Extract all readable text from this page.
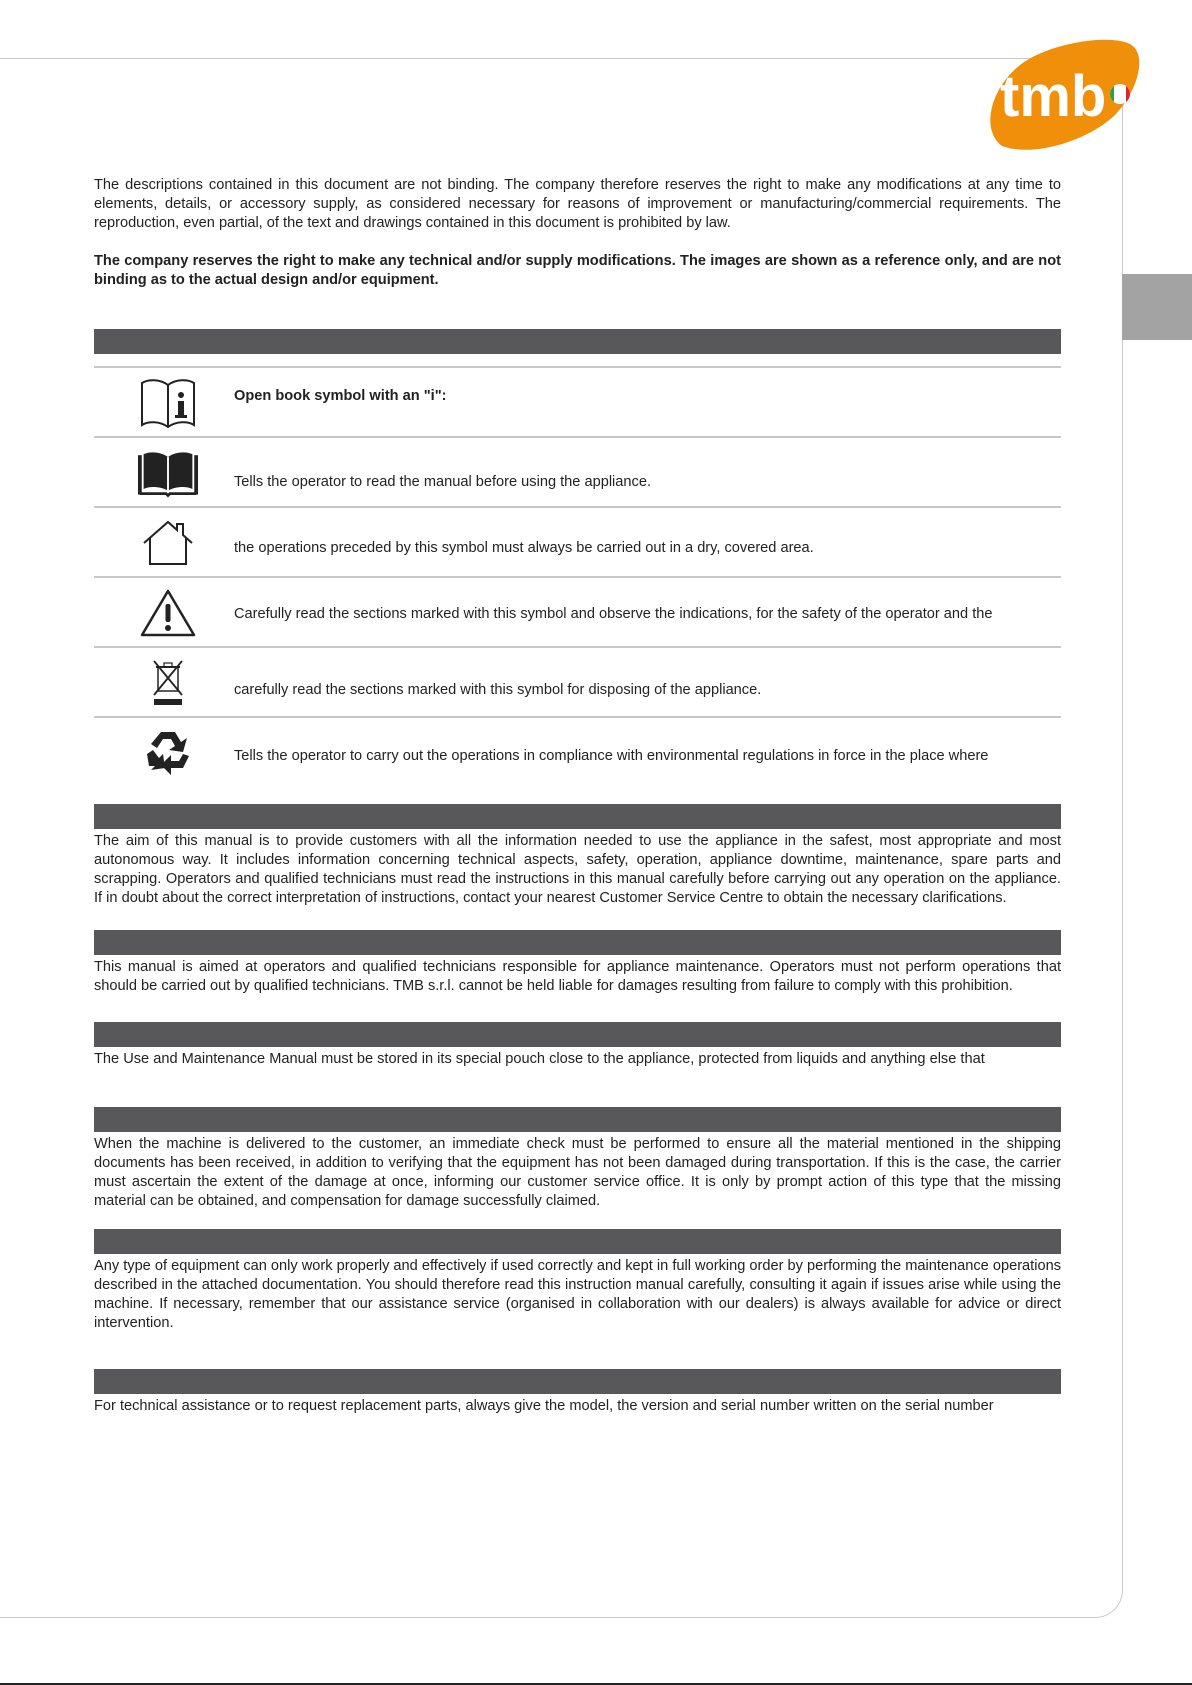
tmb

The descriptions contained in this document are not binding. The company therefore reserves the right to make any modifications at any time to elements, details, or accessory supply, as considered necessary for reasons of improvement or manufacturing/commercial requirements. The reproduction, even partial, of the text and drawings contained in this document is prohibited by law.

The company reserves the right to make any technical and/or supply modifications. The images are shown as a reference only, and are not binding as to the actual design and/or equipment.

Open book symbol with an "i":
Tells the operator to read the manual before using the appliance.
the operations preceded by this symbol must always be carried out in a dry, covered area.
Carefully read the sections marked with this symbol and observe the indications, for the safety of the operator and the
carefully read the sections marked with this symbol for disposing of the appliance.
Tells the operator to carry out the operations in compliance with environmental regulations in force in the place where

The aim of this manual is to provide customers with all the information needed to use the appliance in the safest, most appropriate and most autonomous way. It includes information concerning technical aspects, safety, operation, appliance downtime, maintenance, spare parts and scrapping. Operators and qualified technicians must read the instructions in this manual carefully before carrying out any operation on the appliance. If in doubt about the correct interpretation of instructions, contact your nearest Customer Service Centre to obtain the necessary clarifications.

This manual is aimed at operators and qualified technicians responsible for appliance maintenance. Operators must not perform operations that should be carried out by qualified technicians. TMB s.r.l. cannot be held liable for damages resulting from failure to comply with this prohibition.

The Use and Maintenance Manual must be stored in its special pouch close to the appliance, protected from liquids and anything else that

When the machine is delivered to the customer, an immediate check must be performed to ensure all the material mentioned in the shipping documents has been received, in addition to verifying that the equipment has not been damaged during transportation. If this is the case, the carrier must ascertain the extent of the damage at once, informing our customer service office. It is only by prompt action of this type that the missing material can be obtained, and compensation for damage successfully claimed.

Any type of equipment can only work properly and effectively if used correctly and kept in full working order by performing the maintenance operations described in the attached documentation. You should therefore read this instruction manual carefully, consulting it again if issues arise while using the machine. If necessary, remember that our assistance service (organised in collaboration with our dealers) is always available for advice or direct intervention.

For technical assistance or to request replacement parts, always give the model, the version and serial number written on the serial number
